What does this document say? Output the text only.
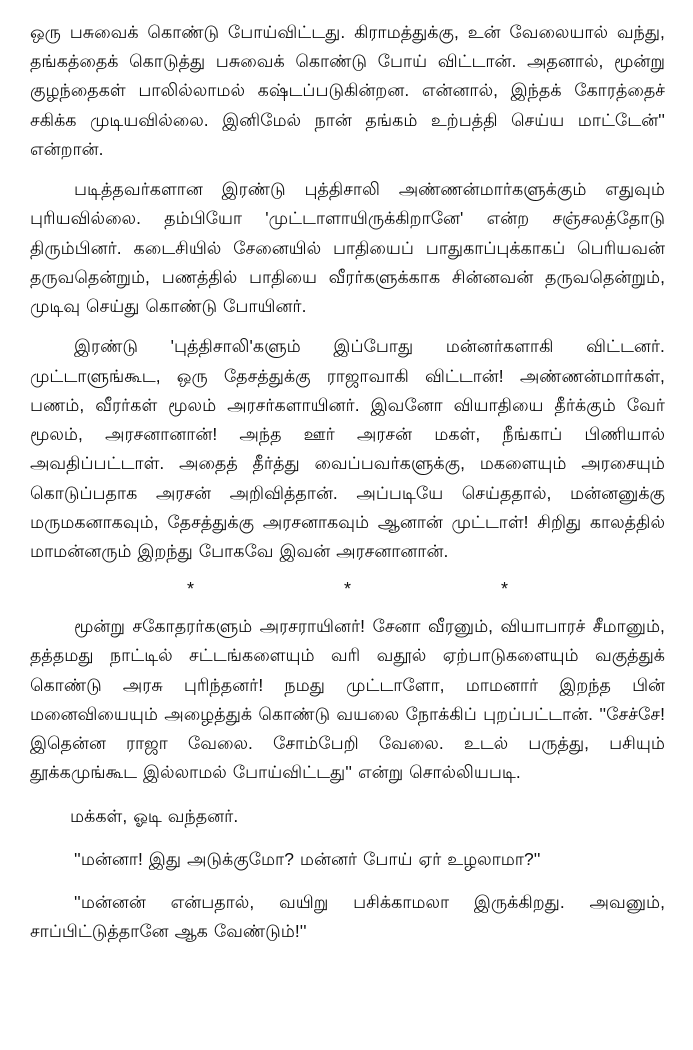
ஒரு பசுவைக் கொண்டு போய்விட்டது. கிராமத்துக்கு, உன் வேலையால் வந்து, தங்கத்தைக் கொடுத்து பசுவைக் கொண்டு போய் விட்டான். அதனால், மூன்று குழந்தைகள் பாலில்லாமல் கஷ்டப்படுகின்றன. என்னால், இந்தக் கோரத்தைச் சகிக்க முடியவில்லை. இனிமேல் நான் தங்கம் உற்பத்தி செய்ய மாட்டேன்'' என்றான்.

படித்தவர்களான இரண்டு புத்திசாலி அண்ணன்மார்களுக்கும் எதுவும் புரியவில்லை. தம்பியோ 'முட்டாளாயிருக்கிறானே' என்ற சஞ்சலத்தோடு திரும்பினர். கடைசியில் சேனையில் பாதியைப் பாதுகாப்புக்காகப் பெரியவன் தருவதென்றும், பணத்தில் பாதியை வீரர்களுக்காக சின்னவன் தருவதென்றும், முடிவு செய்து கொண்டு போயினர்.

இரண்டு 'புத்திசாலி'களும் இப்போது மன்னர்களாகி விட்டனர். முட்டாளுங்கூட, ஒரு தேசத்துக்கு ராஜாவாகி விட்டான்! அண்ணன்மார்கள், பணம், வீரர்கள் மூலம் அரசர்களாயினர். இவனோ வியாதியை தீர்க்கும் வேர் மூலம், அரசனானான்! அந்த ஊர் அரசன் மகள், நீங்காப் பிணியால் அவதிப்பட்டாள். அதைத் தீர்த்து வைப்பவர்களுக்கு, மகளையும் அரசையும் கொடுப்பதாக அரசன் அறிவித்தான். அப்படியே செய்ததால், மன்னனுக்கு மருமகனாகவும், தேசத்துக்கு அரசனாகவும் ஆனான் முட்டாள்! சிறிது காலத்தில் மாமன்னரும் இறந்து போகவே இவன் அரசனானான்.

*	*	*

மூன்று சகோதரர்களும் அரசராயினர்! சேனா வீரனும், வியாபாரச் சீமானும், தத்தமது நாட்டில் சட்டங்களையும் வரி வதூல் ஏற்பாடுகளையும் வகுத்துக் கொண்டு அரசு புரிந்தனர்! நமது முட்டாளோ, மாமனார் இறந்த பின் மனைவியையும் அழைத்துக் கொண்டு வயலை நோக்கிப் புறப்பட்டான். ''சேச்சே! இதென்ன ராஜா வேலை. சோம்பேறி வேலை. உடல் பருத்து, பசியும் தூக்கமுங்கூட இல்லாமல் போய்விட்டது'' என்று சொல்லியபடி.

மக்கள், ஓடி வந்தனர்.

''மன்னா! இது அடுக்குமோ? மன்னர் போய் ஏர் உழலாமா?''

''மன்னன் என்பதால், வயிறு பசிக்காமலா இருக்கிறது. அவனும், சாப்பிட்டுத்தானே ஆக வேண்டும்!''
